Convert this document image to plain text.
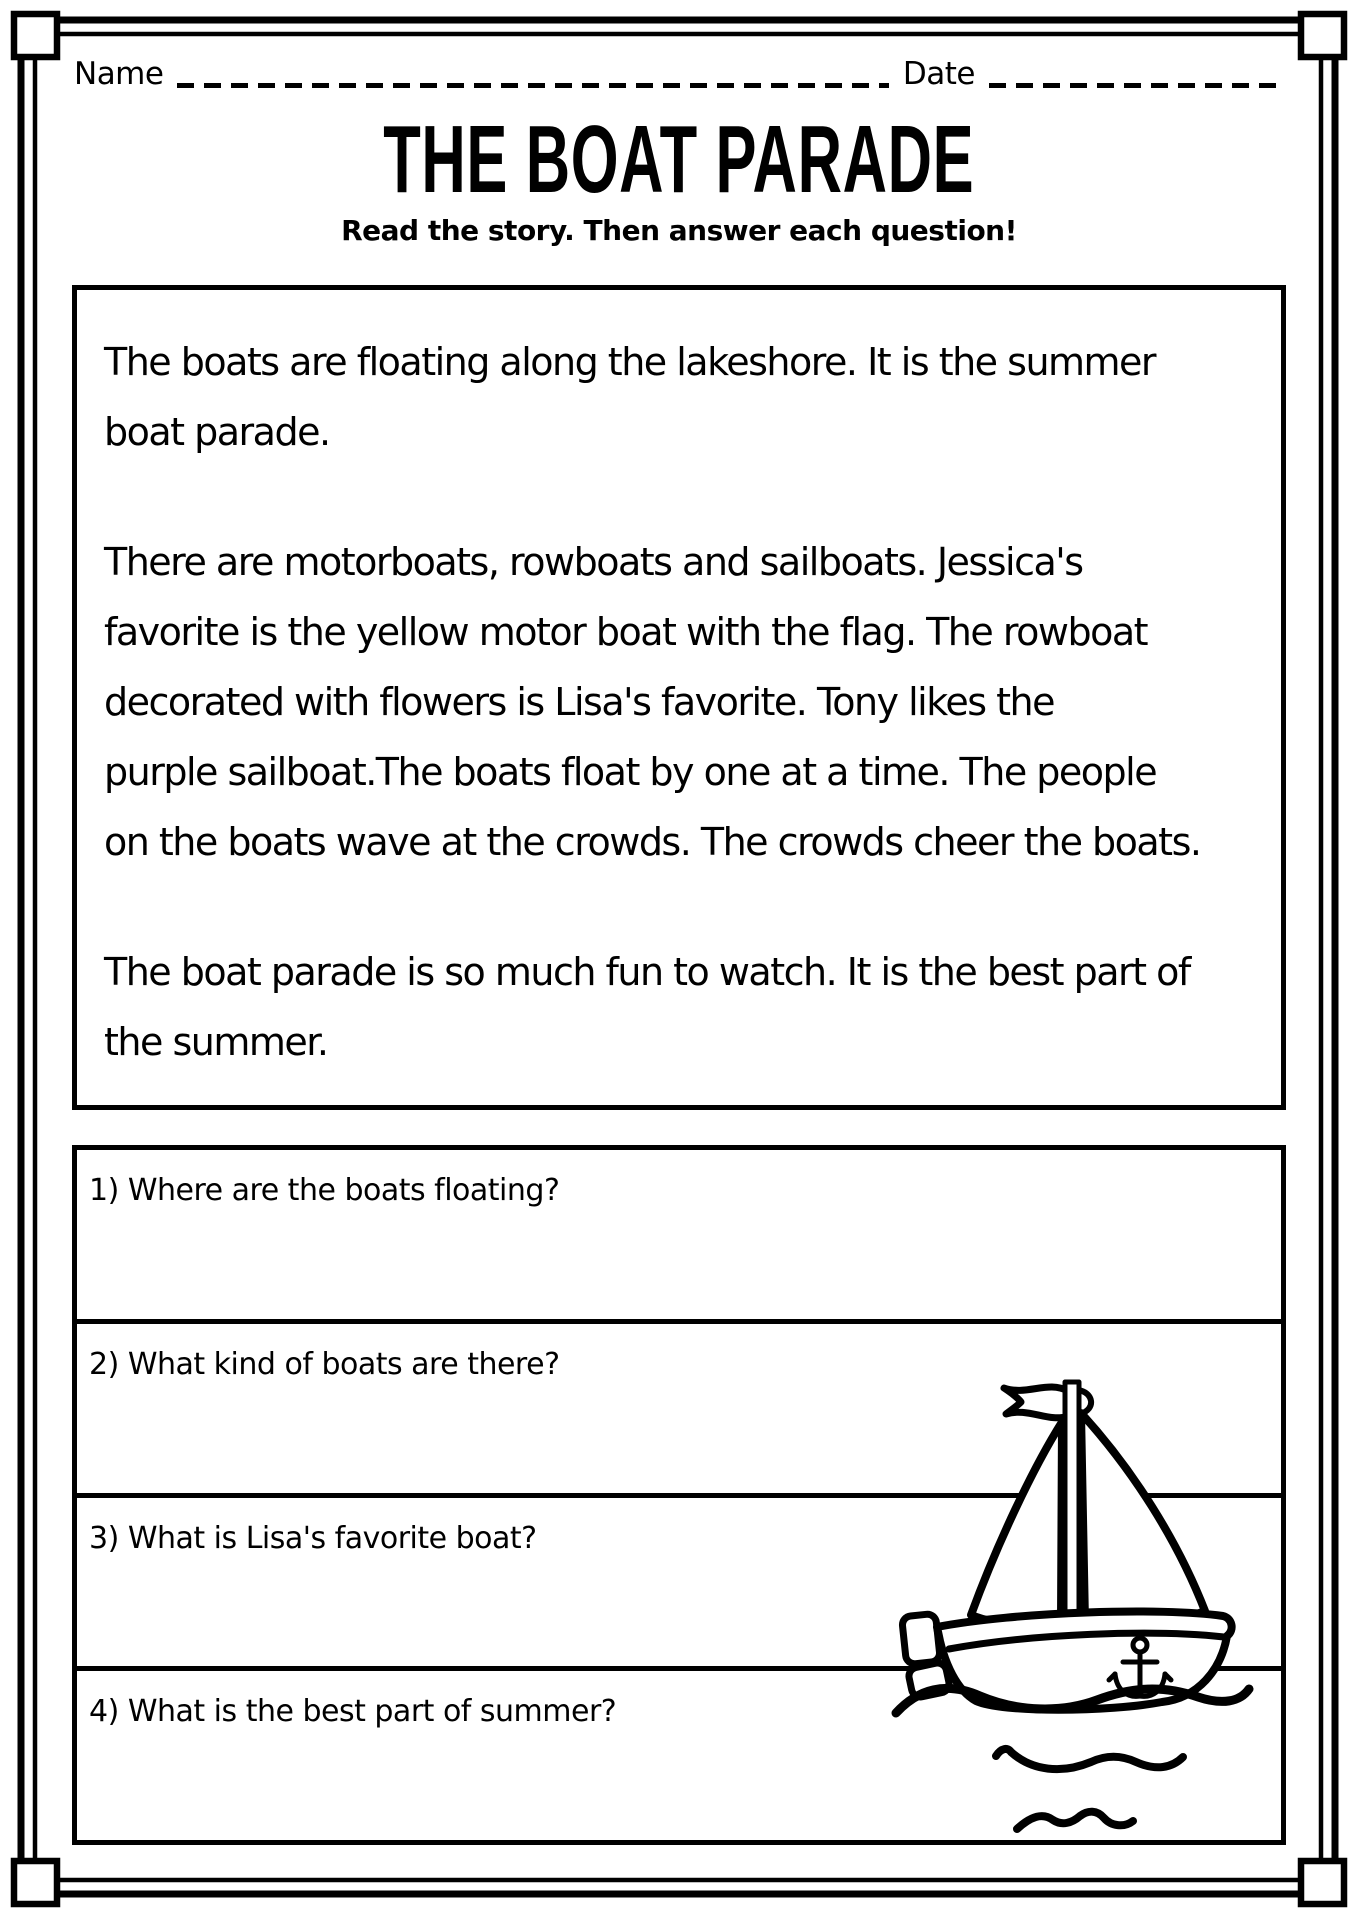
Name	Date
THE BOAT PARADE
Read the story. Then answer each question!
The boats are floating along the lakeshore. It is the summer
boat parade.
There are motorboats, rowboats and sailboats. Jessica's
favorite is the yellow motor boat with the flag. The rowboat
decorated with flowers is Lisa's favorite. Tony likes the
purple sailboat.The boats float by one at a time. The people
on the boats wave at the crowds. The crowds cheer the boats.
The boat parade is so much fun to watch. It is the best part of
the summer.
1) Where are the boats floating?
2) What kind of boats are there?
3) What is Lisa's favorite boat?
4) What is the best part of summer?
